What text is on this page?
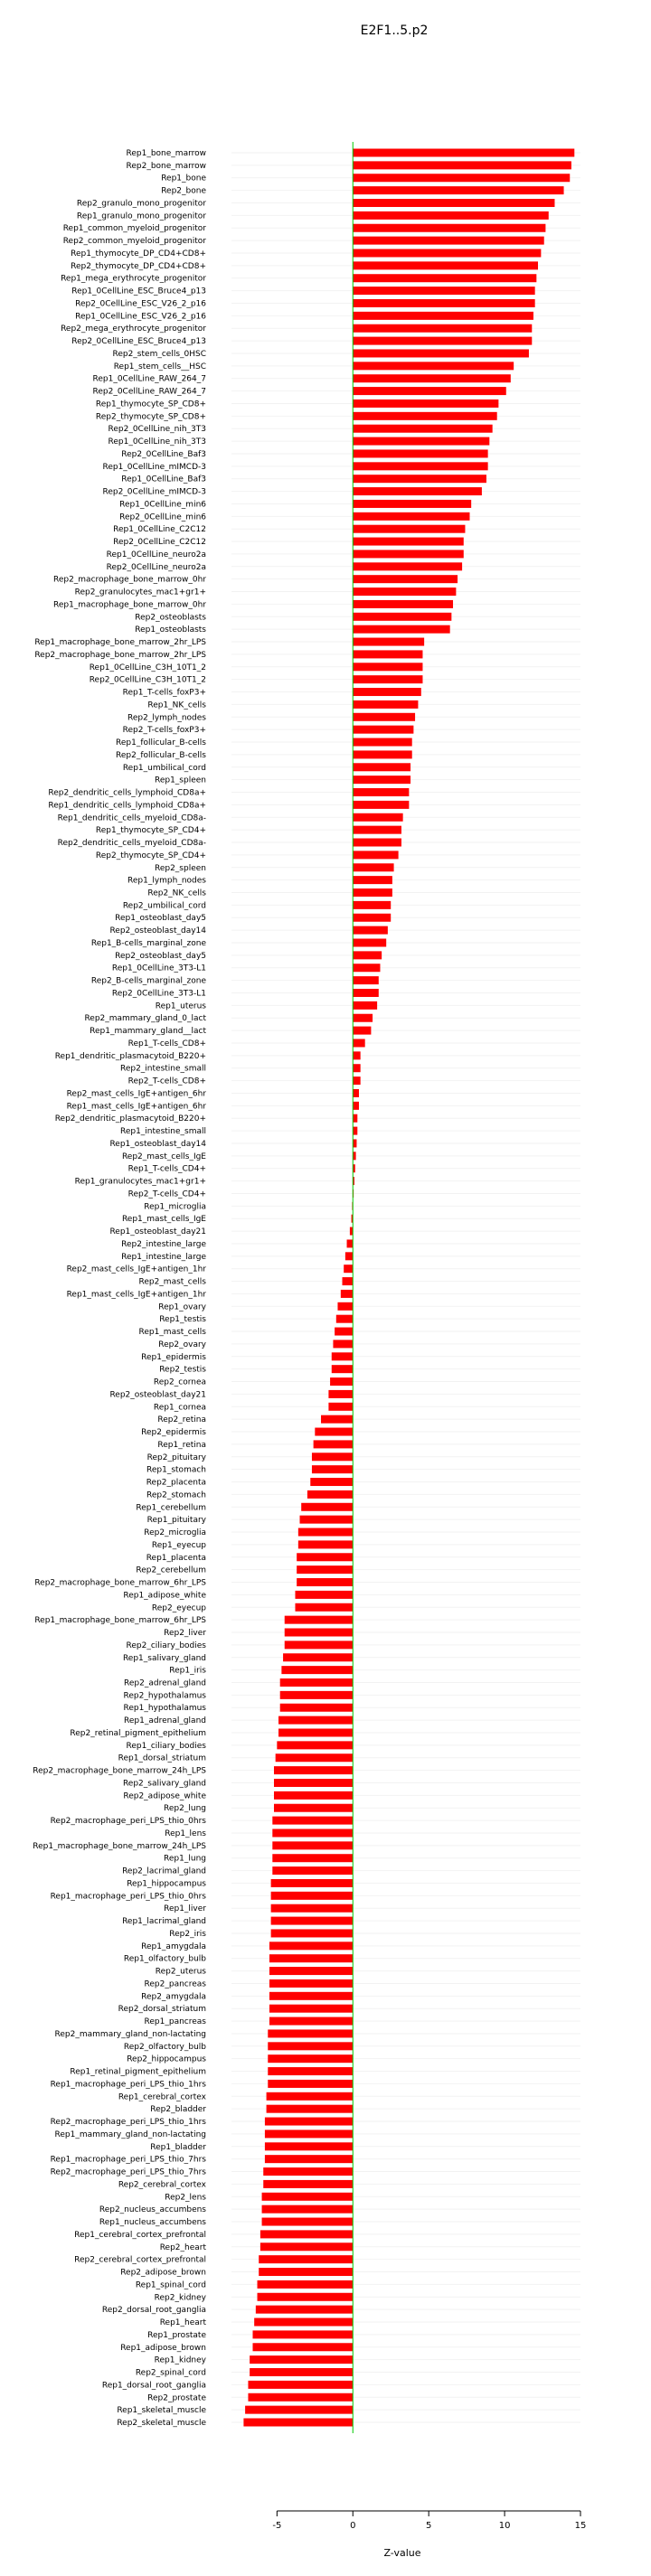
E2F1..5.p2
Rep1_bone_marrow
Rep2_bone_marrow
Rep1_bone
Rep2_bone
Rep2_granulo_mono_progenitor
Rep1_granulo_mono_progenitor
Rep1_common_myeloid_progenitor
Rep2_common_myeloid_progenitor
Rep1_thymocyte_DP_CD4+CD8+
Rep2_thymocyte_DP_CD4+CD8+
Rep1_mega_erythrocyte_progenitor
Rep1_0CellLine_ESC_Bruce4_p13
Rep2_0CellLine_ESC_V26_2_p16
Rep1_0CellLine_ESC_V26_2_p16
Rep2_mega_erythrocyte_progenitor
Rep2_0CellLine_ESC_Bruce4_p13
Rep2_stem_cells_0HSC
Rep1_stem_cells__HSC
Rep1_0CellLine_RAW_264_7
Rep2_0CellLine_RAW_264_7
Rep1_thymocyte_SP_CD8+
Rep2_thymocyte_SP_CD8+
Rep2_0CellLine_nih_3T3
Rep1_0CellLine_nih_3T3
Rep2_0CellLine_Baf3
Rep1_0CellLine_mIMCD-3
Rep1_0CellLine_Baf3
Rep2_0CellLine_mIMCD-3
Rep1_0CellLine_min6
Rep2_0CellLine_min6
Rep1_0CellLine_C2C12
Rep2_0CellLine_C2C12
Rep1_0CellLine_neuro2a
Rep2_0CellLine_neuro2a
Rep2_macrophage_bone_marrow_0hr
Rep2_granulocytes_mac1+gr1+
Rep1_macrophage_bone_marrow_0hr
Rep2_osteoblasts
Rep1_osteoblasts
Rep1_macrophage_bone_marrow_2hr_LPS
Rep2_macrophage_bone_marrow_2hr_LPS
Rep1_0CellLine_C3H_10T1_2
Rep2_0CellLine_C3H_10T1_2
Rep1_T-cells_foxP3+
Rep1_NK_cells
Rep2_lymph_nodes
Rep2_T-cells_foxP3+
Rep1_follicular_B-cells
Rep2_follicular_B-cells
Rep1_umbilical_cord
Rep1_spleen
Rep2_dendritic_cells_lymphoid_CD8a+
Rep1_dendritic_cells_lymphoid_CD8a+
Rep1_dendritic_cells_myeloid_CD8a-
Rep1_thymocyte_SP_CD4+
Rep2_dendritic_cells_myeloid_CD8a-
Rep2_thymocyte_SP_CD4+
Rep2_spleen
Rep1_lymph_nodes
Rep2_NK_cells
Rep2_umbilical_cord
Rep1_osteoblast_day5
Rep2_osteoblast_day14
Rep1_B-cells_marginal_zone
Rep2_osteoblast_day5
Rep1_0CellLine_3T3-L1
Rep2_B-cells_marginal_zone
Rep2_0CellLine_3T3-L1
Rep1_uterus
Rep2_mammary_gland_0_lact
Rep1_mammary_gland__lact
Rep1_T-cells_CD8+
Rep1_dendritic_plasmacytoid_B220+
Rep2_intestine_small
Rep2_T-cells_CD8+
Rep2_mast_cells_IgE+antigen_6hr
Rep1_mast_cells_IgE+antigen_6hr
Rep2_dendritic_plasmacytoid_B220+
Rep1_intestine_small
Rep1_osteoblast_day14
Rep2_mast_cells_IgE
Rep1_T-cells_CD4+
Rep1_granulocytes_mac1+gr1+
Rep2_T-cells_CD4+
Rep1_microglia
Rep1_mast_cells_IgE
Rep1_osteoblast_day21
Rep2_intestine_large
Rep1_intestine_large
Rep2_mast_cells_IgE+antigen_1hr
Rep2_mast_cells
Rep1_mast_cells_IgE+antigen_1hr
Rep1_ovary
Rep1_testis
Rep1_mast_cells
Rep2_ovary
Rep1_epidermis
Rep2_testis
Rep2_cornea
Rep2_osteoblast_day21
Rep1_cornea
Rep2_retina
Rep2_epidermis
Rep1_retina
Rep2_pituitary
Rep1_stomach
Rep2_placenta
Rep2_stomach
Rep1_cerebellum
Rep1_pituitary
Rep2_microglia
Rep1_eyecup
Rep1_placenta
Rep2_cerebellum
Rep2_macrophage_bone_marrow_6hr_LPS
Rep1_adipose_white
Rep2_eyecup
Rep1_macrophage_bone_marrow_6hr_LPS
Rep2_liver
Rep2_ciliary_bodies
Rep1_salivary_gland
Rep1_iris
Rep2_adrenal_gland
Rep2_hypothalamus
Rep1_hypothalamus
Rep1_adrenal_gland
Rep2_retinal_pigment_epithelium
Rep1_ciliary_bodies
Rep1_dorsal_striatum
Rep2_macrophage_bone_marrow_24h_LPS
Rep2_salivary_gland
Rep2_adipose_white
Rep2_lung
Rep2_macrophage_peri_LPS_thio_0hrs
Rep1_lens
Rep1_macrophage_bone_marrow_24h_LPS
Rep1_lung
Rep2_lacrimal_gland
Rep1_hippocampus
Rep1_macrophage_peri_LPS_thio_0hrs
Rep1_liver
Rep1_lacrimal_gland
Rep2_iris
Rep1_amygdala
Rep1_olfactory_bulb
Rep2_uterus
Rep2_pancreas
Rep2_amygdala
Rep2_dorsal_striatum
Rep1_pancreas
Rep2_mammary_gland_non-lactating
Rep2_olfactory_bulb
Rep2_hippocampus
Rep1_retinal_pigment_epithelium
Rep1_macrophage_peri_LPS_thio_1hrs
Rep1_cerebral_cortex
Rep2_bladder
Rep2_macrophage_peri_LPS_thio_1hrs
Rep1_mammary_gland_non-lactating
Rep1_bladder
Rep1_macrophage_peri_LPS_thio_7hrs
Rep2_macrophage_peri_LPS_thio_7hrs
Rep2_cerebral_cortex
Rep2_lens
Rep2_nucleus_accumbens
Rep1_nucleus_accumbens
Rep1_cerebral_cortex_prefrontal
Rep2_heart
Rep2_cerebral_cortex_prefrontal
Rep2_adipose_brown
Rep1_spinal_cord
Rep2_kidney
Rep2_dorsal_root_ganglia
Rep1_heart
Rep1_prostate
Rep1_adipose_brown
Rep1_kidney
Rep2_spinal_cord
Rep1_dorsal_root_ganglia
Rep2_prostate
Rep1_skeletal_muscle
Rep2_skeletal_muscle
-5	0	5	10	15
Z-value
